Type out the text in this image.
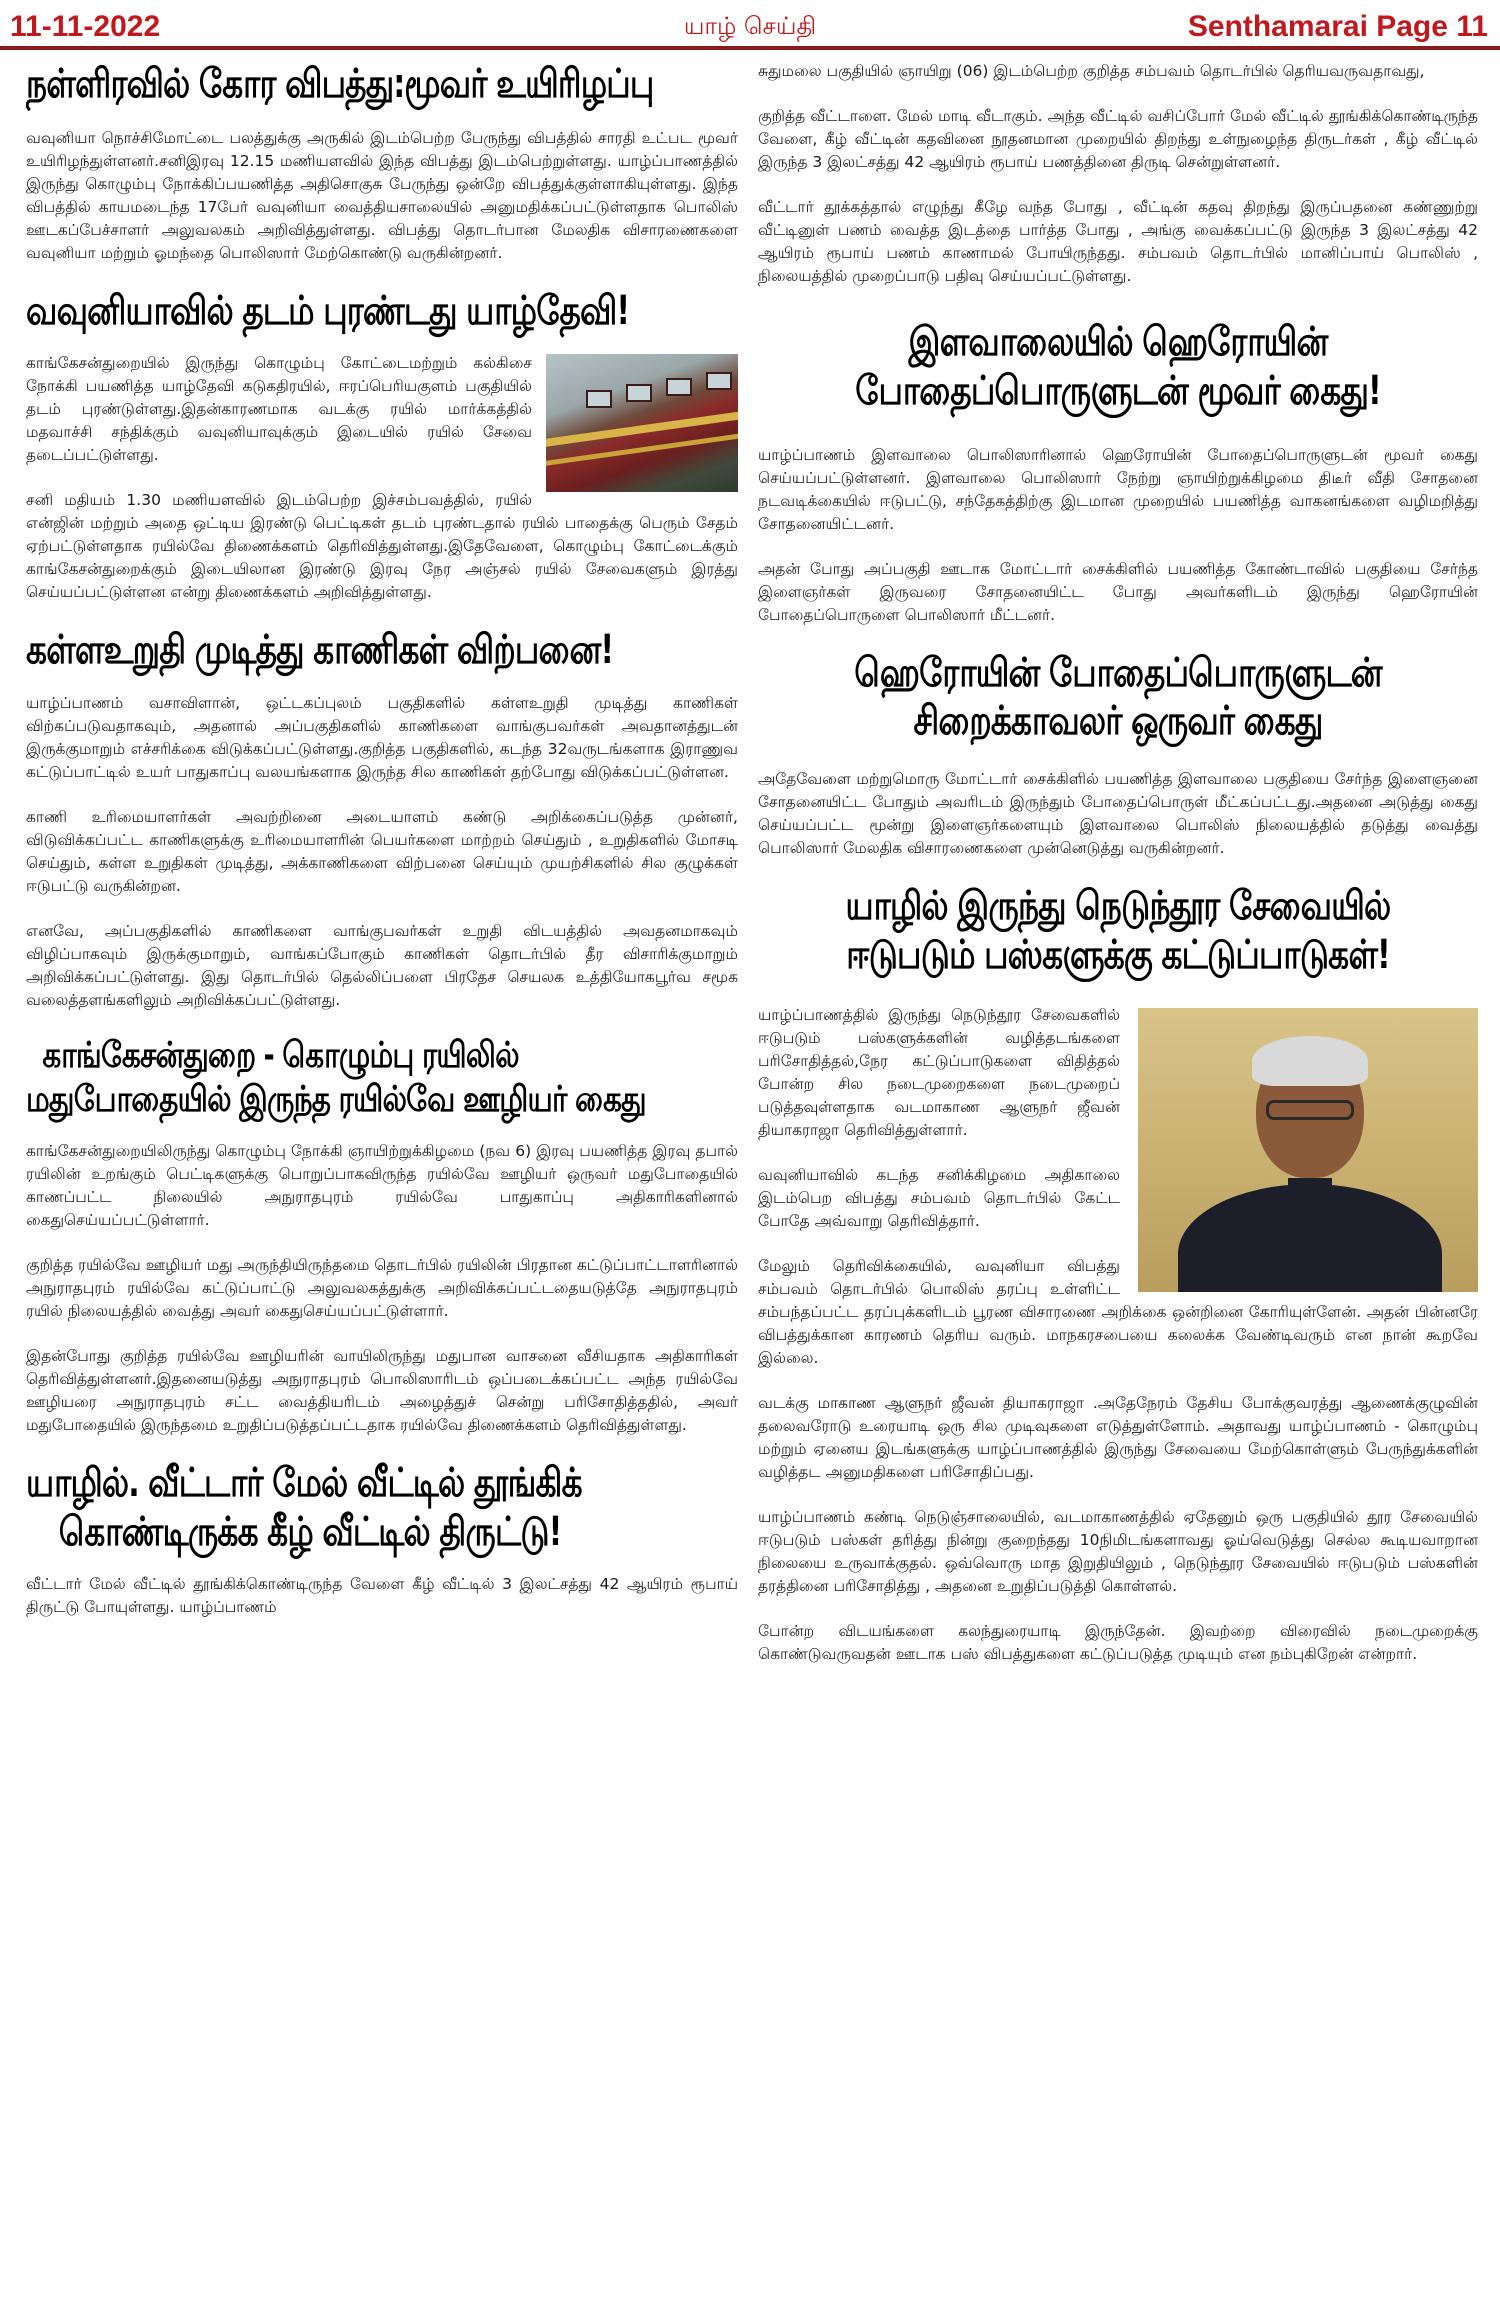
11-11-2022	யாழ் செய்தி	Senthamarai Page 11
நள்ளிரவில் கோர விபத்து:மூவர் உயிரிழப்பு

வவுனியா நொச்சிமோட்டை பலத்துக்கு அருகில் இடம்பெற்ற பேருந்து விபத்தில் சாரதி உட்பட மூவர் உயிரிழந்துள்ளனர்.சனிஇரவு 12.15 மணியளவில் இந்த விபத்து இடம்பெற்றுள்ளது. யாழ்ப்பாணத்தில் இருந்து கொழும்பு நோக்கிப்பயணித்த அதிசொகுசு பேருந்து ஒன்றே விபத்துக்குள்ளாகியுள்ளது. இந்த விபத்தில் காயமடைந்த 17பேர் வவுனியா வைத்தியசாலையில் அனுமதிக்கப்பட்டுள்ளதாக பொலிஸ் ஊடகப்பேச்சாளர் அலுவலகம் அறிவித்துள்ளது. விபத்து தொடர்பான மேலதிக விசாரணைகளை வவுனியா மற்றும் ஓமந்தை பொலிஸார் மேற்கொண்டு வருகின்றனர்.

வவுனியாவில் தடம் புரண்டது யாழ்தேவி!

காங்கேசன்துறையில் இருந்து கொழும்பு கோட்டைமற்றும் கல்கிசை நோக்கி பயணித்த யாழ்தேவி கடுகதிரயில், ஈரப்பெரியகுளம் பகுதியில் தடம் புரண்டுள்ளது.இதன்காரணமாக வடக்கு ரயில் மார்க்கத்தில் மதவாச்சி சந்திக்கும் வவுனியாவுக்கும் இடையில் ரயில் சேவை தடைப்பட்டுள்ளது.

சனி மதியம் 1.30 மணியளவில் இடம்பெற்ற இச்சம்பவத்தில், ரயில் என்ஜின் மற்றும் அதை ஒட்டிய இரண்டு பெட்டிகள் தடம் புரண்டதால் ரயில் பாதைக்கு பெரும் சேதம் ஏற்பட்டுள்ளதாக ரயில்வே திணைக்களம் தெரிவித்துள்ளது.இதேவேளை, கொழும்பு கோட்டைக்கும் காங்கேசன்துறைக்கும் இடையிலான இரண்டு இரவு நேர அஞ்சல் ரயில் சேவைகளும் இரத்து செய்யப்பட்டுள்ளன என்று திணைக்களம் அறிவித்துள்ளது.

கள்ளஉறுதி முடித்து காணிகள் விற்பனை!

யாழ்ப்பாணம் வசாவிளான், ஒட்டகப்புலம் பகுதிகளில் கள்ளஉறுதி முடித்து காணிகள் விற்கப்படுவதாகவும், அதனால் அப்பகுதிகளில் காணிகளை வாங்குபவர்கள் அவதானத்துடன் இருக்குமாறும் எச்சரிக்கை விடுக்கப்பட்டுள்ளது.குறித்த பகுதிகளில், கடந்த 32வருடங்களாக இராணுவ கட்டுப்பாட்டில் உயர் பாதுகாப்பு வலயங்களாக இருந்த சில காணிகள் தற்போது விடுக்கப்பட்டுள்ளன.

காணி உரிமையாளர்கள் அவற்றினை அடையாளம் கண்டு அறிக்கைப்படுத்த முன்னர், விடுவிக்கப்பட்ட காணிகளுக்கு உரிமையாளரின் பெயர்களை மாற்றம் செய்தும் , உறுதிகளில் மோசடி செய்தும், கள்ள உறுதிகள் முடித்து, அக்காணிகளை விற்பனை செய்யும் முயற்சிகளில் சில குழுக்கள் ஈடுபட்டு வருகின்றன.

எனவே, அப்பகுதிகளில் காணிகளை வாங்குபவர்கள் உறுதி விடயத்தில் அவதனமாகவும் விழிப்பாகவும் இருக்குமாறும், வாங்கப்போகும் காணிகள் தொடர்பில் தீர விசாரிக்குமாறும் அறிவிக்கப்பட்டுள்ளது. இது தொடர்பில் தெல்லிப்பளை பிரதேச செயலக உத்தியோகபூர்வ சமூக வலைத்தளங்களிலும் அறிவிக்கப்பட்டுள்ளது.

காங்கேசன்துறை - கொழும்பு ரயிலில்
மதுபோதையில் இருந்த ரயில்வே ஊழியர் கைது

காங்கேசன்துறையிலிருந்து கொழும்பு நோக்கி ஞாயிற்றுக்கிழமை (நவ 6) இரவு பயணித்த இரவு தபால் ரயிலின் உறங்கும் பெட்டிகளுக்கு பொறுப்பாகவிருந்த ரயில்வே ஊழியர் ஒருவர் மதுபோதையில் காணப்பட்ட நிலையில் அநுராதபுரம் ரயில்வே பாதுகாப்பு அதிகாரிகளினால் கைதுசெய்யப்பட்டுள்ளார்.

குறித்த ரயில்வே ஊழியர் மது அருந்தியிருந்தமை தொடர்பில் ரயிலின் பிரதான கட்டுப்பாட்டாளரினால் அநுராதபுரம் ரயில்வே கட்டுப்பாட்டு அலுவலகத்துக்கு அறிவிக்கப்பட்டதையடுத்தே அநுராதபுரம் ரயில் நிலையத்தில் வைத்து அவர் கைதுசெய்யப்பட்டுள்ளார்.

இதன்போது குறித்த ரயில்வே ஊழியரின் வாயிலிருந்து மதுபான வாசனை வீசியதாக அதிகாரிகள் தெரிவித்துள்ளனர்.இதனையடுத்து அநுராதபுரம் பொலிஸாரிடம் ஒப்படைக்கப்பட்ட அந்த ரயில்வே ஊழியரை அநுராதபுரம் சட்ட வைத்தியரிடம் அழைத்துச் சென்று பரிசோதித்ததில், அவர் மதுபோதையில் இருந்தமை உறுதிப்படுத்தப்பட்டதாக ரயில்வே திணைக்களம் தெரிவித்துள்ளது.

யாழில். வீட்டார் மேல் வீட்டில் தூங்கிக்
கொண்டிருக்க கீழ் வீட்டில் திருட்டு!

வீட்டார் மேல் வீட்டில் தூங்கிக்கொண்டிருந்த வேளை கீழ் வீட்டில் 3 இலட்சத்து 42 ஆயிரம் ரூபாய் திருட்டு போயுள்ளது. யாழ்ப்பாணம்

சுதுமலை பகுதியில் ஞாயிறு (06) இடம்பெற்ற குறித்த சம்பவம் தொடர்பில் தெரியவருவதாவது,

குறித்த வீட்டாளை. மேல் மாடி வீடாகும். அந்த வீட்டில் வசிப்போர் மேல் வீட்டில் தூங்கிக்கொண்டிருந்த வேளை, கீழ் வீட்டின் கதவினை நூதனமான முறையில் திறந்து உள்நுழைந்த திருடர்கள் , கீழ் வீட்டில் இருந்த 3 இலட்சத்து 42 ஆயிரம் ரூபாய் பணத்தினை திருடி சென்றுள்ளனர்.

வீட்டார் தூக்கத்தால் எழுந்து கீழே வந்த போது , வீட்டின் கதவு திறந்து இருப்பதனை கண்ணுற்று வீட்டினுள் பணம் வைத்த இடத்தை பார்த்த போது , அங்கு வைக்கப்பட்டு இருந்த 3 இலட்சத்து 42 ஆயிரம் ரூபாய் பணம் காணாமல் போயிருந்தது. சம்பவம் தொடர்பில் மானிப்பாய் பொலிஸ் , நிலையத்தில் முறைப்பாடு பதிவு செய்யப்பட்டுள்ளது.

இளவாலையில் ஹெரோயின்
போதைப்பொருளுடன் மூவர் கைது!

யாழ்ப்பாணம் இளவாலை பொலிஸாரினால் ஹெரோயின் போதைப்பொருளுடன் மூவர் கைது செய்யப்பட்டுள்ளனர். இளவாலை பொலிஸார் நேற்று ஞாயிற்றுக்கிழமை திடீர் வீதி சோதனை நடவடிக்கையில் ஈடுபட்டு, சந்தேகத்திற்கு இடமான முறையில் பயணித்த வாகனங்களை வழிமறித்து சோதனையிட்டனர்.

அதன் போது அப்பகுதி ஊடாக மோட்டார் சைக்கிளில் பயணித்த கோண்டாவில் பகுதியை சேர்ந்த இளைஞர்கள் இருவரை சோதனையிட்ட போது அவர்களிடம் இருந்து ஹெரோயின் போதைப்பொருளை பொலிஸார் மீட்டனர்.

ஹெரோயின் போதைப்பொருளுடன்
சிறைக்காவலர் ஒருவர் கைது

அதேவேளை மற்றுமொரு மோட்டார் சைக்கிளில் பயணித்த இளவாலை பகுதியை சேர்ந்த இளைஞனை சோதனையிட்ட போதும் அவரிடம் இருந்தும் போதைப்பொருள் மீட்கப்பட்டது.அதனை அடுத்து கைது செய்யப்பட்ட மூன்று இளைஞர்களையும் இளவாலை பொலிஸ் நிலையத்தில் தடுத்து வைத்து பொலிஸார் மேலதிக விசாரணைகளை முன்னெடுத்து வருகின்றனர்.

யாழில் இருந்து நெடுந்தூர சேவையில்
ஈடுபடும் பஸ்களுக்கு கட்டுப்பாடுகள்!

யாழ்ப்பாணத்தில் இருந்து நெடுந்தூர சேவைகளில் ஈடுபடும் பஸ்களுக்களின் வழித்தடங்களை பரிசோதித்தல்,நேர கட்டுப்பாடுகளை விதித்தல் போன்ற சில நடைமுறைகளை நடைமுறைப் படுத்தவுள்ளதாக வடமாகாண ஆளுநர் ஜீவன் தியாகராஜா தெரிவித்துள்ளார்.

வவுனியாவில் கடந்த சனிக்கிழமை அதிகாலை இடம்பெற விபத்து சம்பவம் தொடர்பில் கேட்ட போதே அவ்வாறு தெரிவித்தார்.

மேலும் தெரிவிக்கையில், வவுனியா விபத்து சம்பவம் தொடர்பில் பொலிஸ் தரப்பு உள்ளிட்ட சம்பந்தப்பட்ட தரப்புக்களிடம் பூரண விசாரணை அறிக்கை ஒன்றினை கோரியுள்ளேன். அதன் பின்னரே விபத்துக்கான காரணம் தெரிய வரும். மாநகரசபையை கலைக்க வேண்டிவரும் என நான் கூறவே இல்லை.

வடக்கு மாகாண ஆளுநர் ஜீவன் தியாகராஜா .அதேநேரம் தேசிய போக்குவரத்து ஆணைக்குழுவின் தலைவரோடு உரையாடி ஒரு சில முடிவுகளை எடுத்துள்ளோம். அதாவது யாழ்ப்பாணம் - கொழும்பு மற்றும் ஏனைய இடங்களுக்கு யாழ்ப்பாணத்தில் இருந்து சேவையை மேற்கொள்ளும் பேருந்துக்களின் வழித்தட அனுமதிகளை பரிசோதிப்பது.

யாழ்ப்பாணம் கண்டி நெடுஞ்சாலையில், வடமாகாணத்தில் ஏதேனும் ஒரு பகுதியில் தூர சேவையில் ஈடுபடும் பஸ்கள் தரித்து நின்று குறைந்தது 10நிமிடங்களாவது ஓய்வெடுத்து செல்ல கூடியவாறான நிலையை உருவாக்குதல். ஒவ்வொரு மாத இறுதியிலும் , நெடுந்தூர சேவையில் ஈடுபடும் பஸ்களின் தரத்தினை பரிசோதித்து , அதனை உறுதிப்படுத்தி கொள்ளல்.

போன்ற விடயங்களை கலந்துரையாடி இருந்தேன். இவற்றை விரைவில் நடைமுறைக்கு கொண்டுவருவதன் ஊடாக பஸ் விபத்துகளை கட்டுப்படுத்த முடியும் என நம்புகிறேன் என்றார்.
